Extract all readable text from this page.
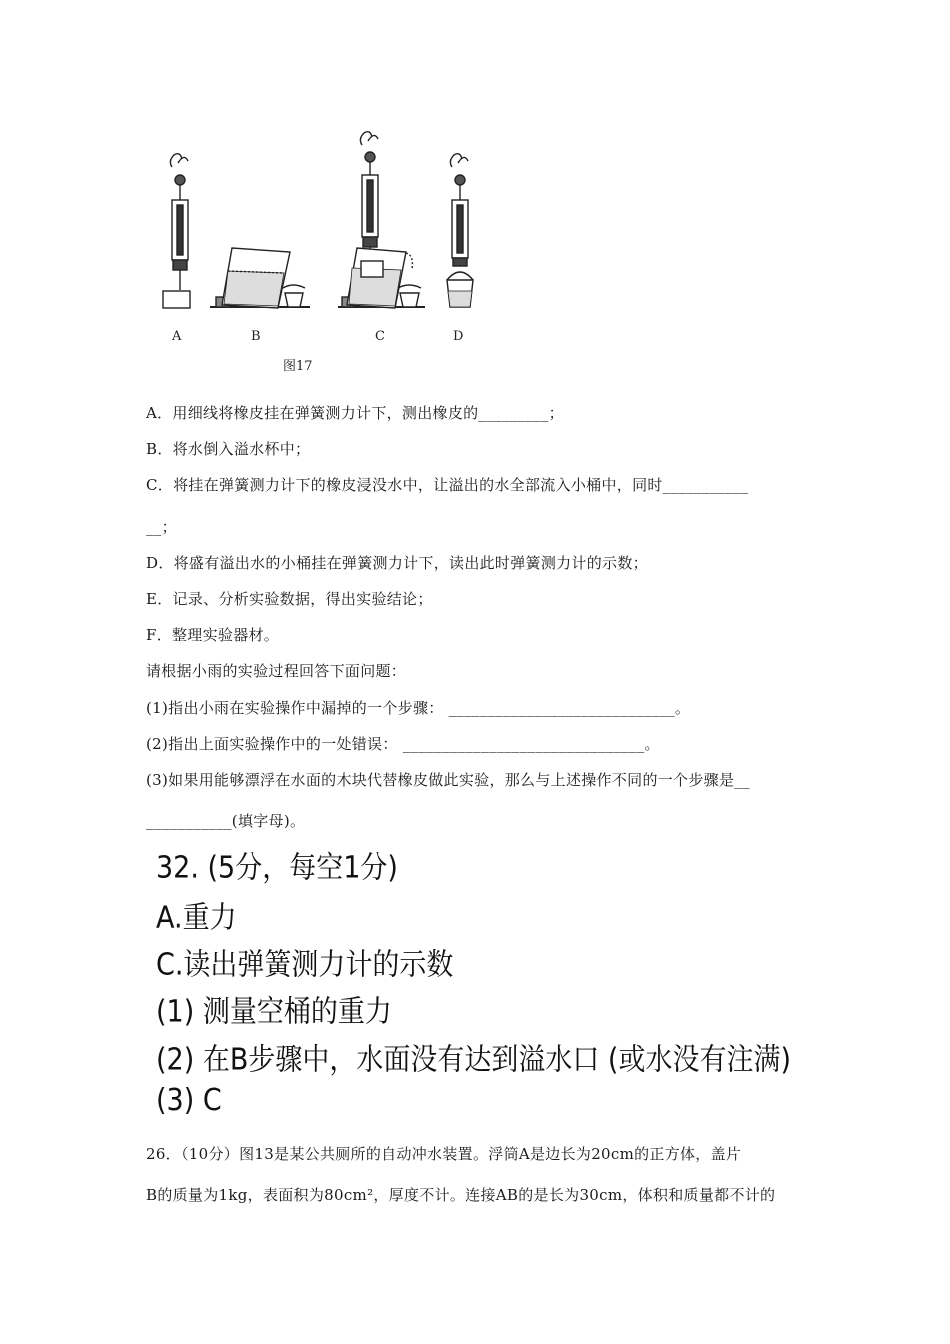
A	B	C	D
图17
A．用细线将橡皮挂在弹簧测力计下，测出橡皮的_________；
B．将水倒入溢水杯中；
C．将挂在弹簧测力计下的橡皮浸没水中，让溢出的水全部流入小桶中，同时___________
__；
D．将盛有溢出水的小桶挂在弹簧测力计下，读出此时弹簧测力计的示数；
E．记录、分析实验数据，得出实验结论；
F．整理实验器材。
请根据小雨的实验过程回答下面问题：
(1)指出小雨在实验操作中漏掉的一个步骤： _____________________________。
(2)指出上面实验操作中的一处错误： _______________________________。
(3)如果用能够漂浮在水面的木块代替橡皮做此实验，那么与上述操作不同的一个步骤是__
___________(填字母)。
32. (5分，每空1分)
A.重力
C.读出弹簧测力计的示数
(1) 测量空桶的重力
(2) 在B步骤中，水面没有达到溢水口 (或水没有注满)
(3) C
26．（10分）图13是某公共厕所的自动冲水装置。浮筒A是边长为20cm的正方体，盖片
B的质量为1kg，表面积为80cm²，厚度不计。连接AB的是长为30cm，体积和质量都不计的
